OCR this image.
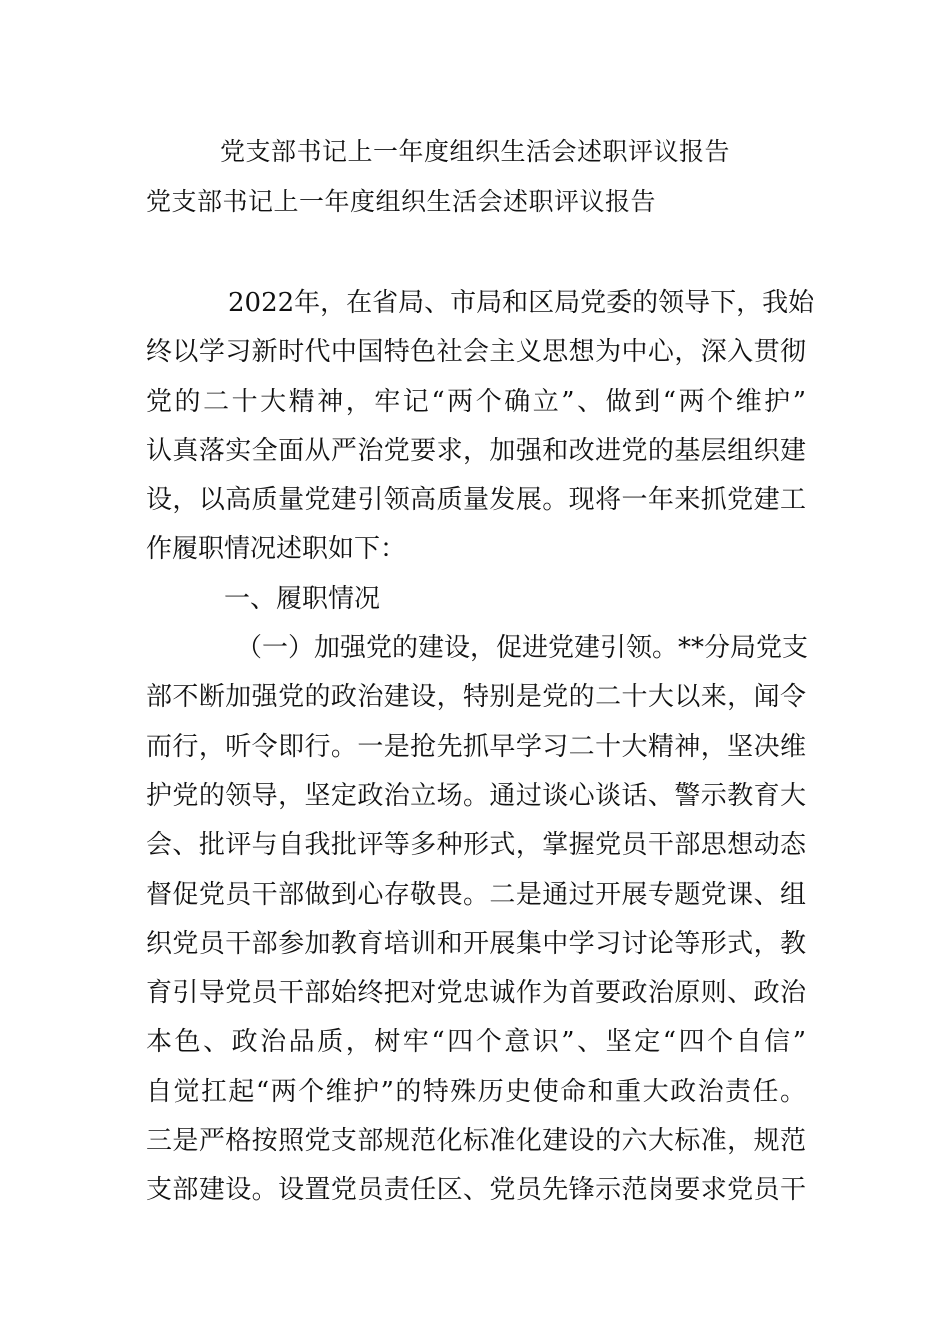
党支部书记上一年度组织生活会述职评议报告
党支部书记上一年度组织生活会述职评议报告
2022年，在省局、市局和区局党委的领导下，我始
终以学习新时代中国特色社会主义思想为中心，深入贯彻
党的二十大精神，牢记“两个确立”、做到“两个维护”
认真落实全面从严治党要求，加强和改进党的基层组织建
设，以高质量党建引领高质量发展。现将一年来抓党建工
作履职情况述职如下：
一、履职情况
（一）加强党的建设，促进党建引领。**分局党支
部不断加强党的政治建设，特别是党的二十大以来，闻令
而行，听令即行。一是抢先抓早学习二十大精神，坚决维
护党的领导，坚定政治立场。通过谈心谈话、警示教育大
会、批评与自我批评等多种形式，掌握党员干部思想动态
督促党员干部做到心存敬畏。二是通过开展专题党课、组
织党员干部参加教育培训和开展集中学习讨论等形式，教
育引导党员干部始终把对党忠诚作为首要政治原则、政治
本色、政治品质，树牢“四个意识”、坚定“四个自信”
自觉扛起“两个维护”的特殊历史使命和重大政治责任。
三是严格按照党支部规范化标准化建设的六大标准，规范
支部建设。设置党员责任区、党员先锋示范岗要求党员干
